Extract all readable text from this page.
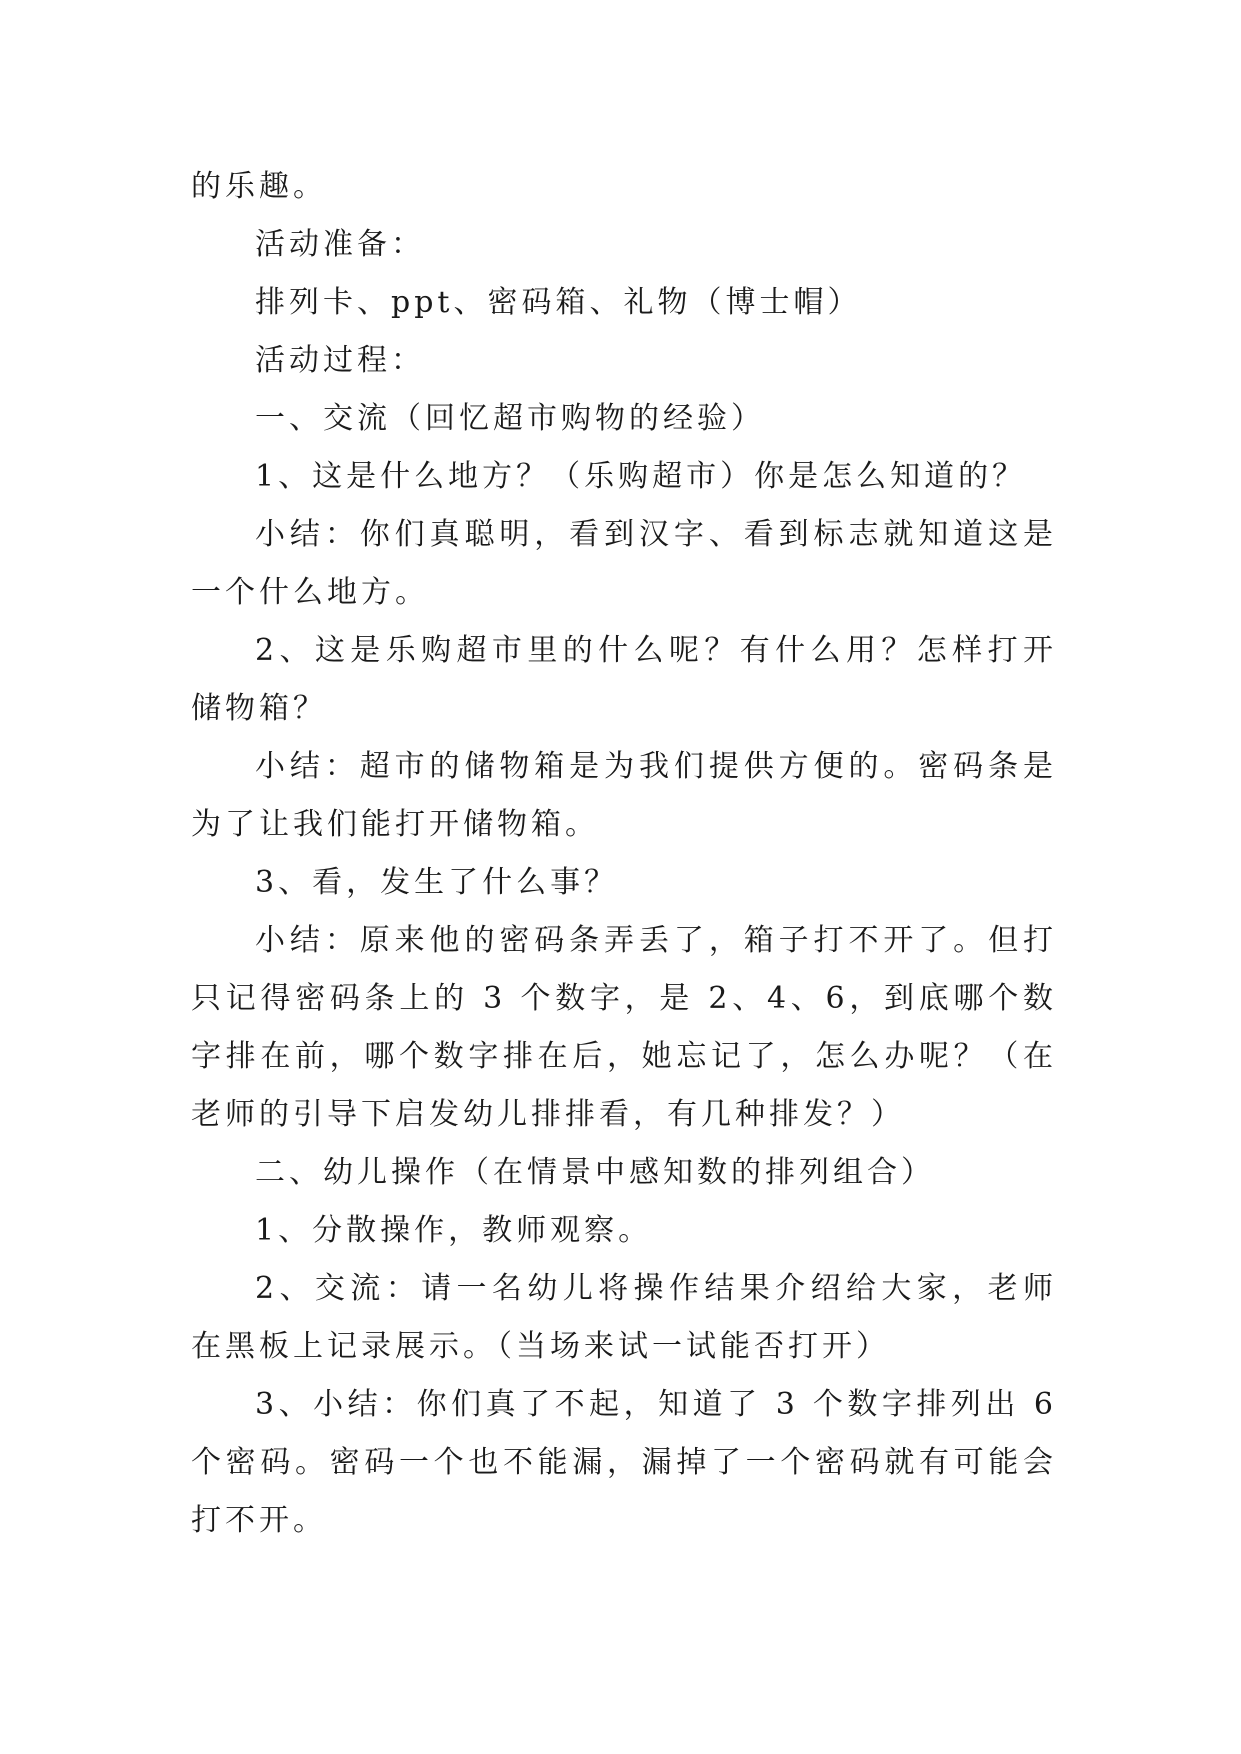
的乐趣。

活动准备：

排列卡、ppt、密码箱、礼物（博士帽）

活动过程：

一、交流（回忆超市购物的经验）

1、这是什么地方？（乐购超市）你是怎么知道的？

小结：你们真聪明，看到汉字、看到标志就知道这是一个什么地方。

2、这是乐购超市里的什么呢？有什么用？怎样打开储物箱？

小结：超市的储物箱是为我们提供方便的。密码条是为了让我们能打开储物箱。

3、看，发生了什么事？

小结：原来他的密码条弄丢了，箱子打不开了。但打只记得密码条上的 3 个数字，是 2、4、6，到底哪个数字排在前，哪个数字排在后，她忘记了，怎么办呢？（在老师的引导下启发幼儿排排看，有几种排发？）

二、幼儿操作（在情景中感知数的排列组合）

1、分散操作，教师观察。

2、交流：请一名幼儿将操作结果介绍给大家，老师在黑板上记录展示。（当场来试一试能否打开）

3、小结：你们真了不起，知道了 3 个数字排列出 6 个密码。密码一个也不能漏，漏掉了一个密码就有可能会打不开。
